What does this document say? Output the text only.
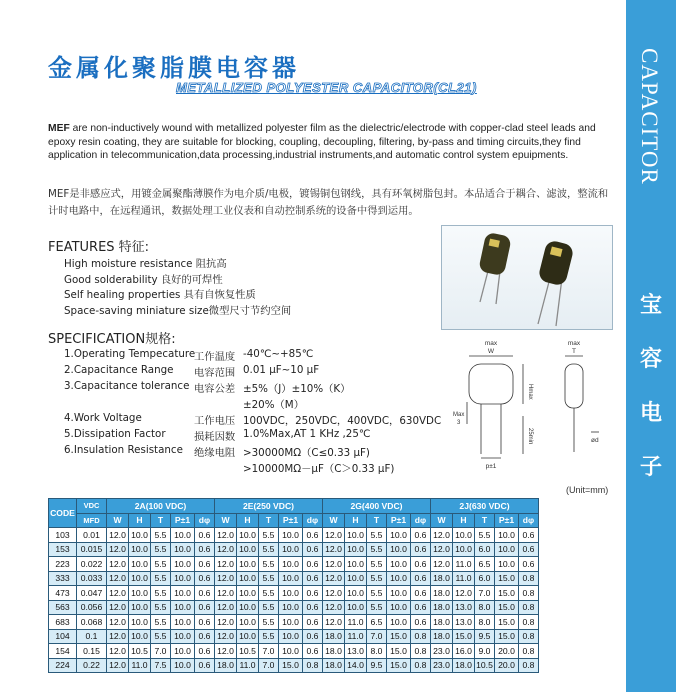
CAPACITOR
宝
容
电
子
金属化聚脂膜电容器
METALLIZED POLYESTER CAPACITOR(CL21)
MEF are non-inductively wound with metallized polyester film as the dielectric/electrode with copper-clad steel leads and epoxy resin coating, they are suitable for blocking, coupling, decoupling, filtering, by-pass and timing circuits,they find application in telecommunication,data processing,industrial instruments,and automatic control system epuipments.
MEF是非感应式，用镀金属聚酯薄膜作为电介质/电极，镀锡铜包钢线，具有环氧树脂包封。本品适合于耦合、滤波，整流和计时电路中，在远程通讯，数据处理工业仪表和自动控制系统的设备中得到运用。
FEATURES 特征:
High moisture resistance 阻抗高
Good solderability 良好的可焊性
Self healing properties 具有自恢复性质
Space-saving miniature size微型尺寸节约空间
SPECIFICATION规格:
1.Operating Tempecature
工作温度 -40℃~+85℃
2.Capacitance Range 电容范围 0.01 µF~10 µF
3.Capacitance tolerance 电容公差 ±5%（J）±10%（K）
±20%（M）
4.Work Voltage	工作电压 100VDC，250VDC，400VDC，630VDC
5.Dissipation Factor	损耗因数 1.0%Max,AT 1 KHz ,25℃
6.Insulation Resistance 绝缘电阻 >30000MΩ（C≤0.33 µF)
>10000MΩ－µF（C＞0.33 µF)
max
W
Hmax
25min
Max
3
p±1
max
T
ød
(Unit=mm)
CODE	VDC	2A(100 VDC)					2E(250 VDC)					2G(400 VDC)					2J(630 VDC)				
	MFD	W	H	T	P±1	dφ	W	H	T	P±1	dφ	W	H	T	P±1	dφ	W	H	T	P±1	dφ
103	0.01	12.0	10.0	5.5	10.0	0.6	12.0	10.0	5.5	10.0	0.6	12.0	10.0	5.5	10.0	0.6	12.0	10.0	5.5	10.0	0.6
153	0.015	12.0	10.0	5.5	10.0	0.6	12.0	10.0	5.5	10.0	0.6	12.0	10.0	5.5	10.0	0.6	12.0	10.0	6.0	10.0	0.6
223	0.022	12.0	10.0	5.5	10.0	0.6	12.0	10.0	5.5	10.0	0.6	12.0	10.0	5.5	10.0	0.6	12.0	11.0	6.5	10.0	0.6
333	0.033	12.0	10.0	5.5	10.0	0.6	12.0	10.0	5.5	10.0	0.6	12.0	10.0	5.5	10.0	0.6	18.0	11.0	6.0	15.0	0.8
473	0.047	12.0	10.0	5.5	10.0	0.6	12.0	10.0	5.5	10.0	0.6	12.0	10.0	5.5	10.0	0.6	18.0	12.0	7.0	15.0	0.8
563	0.056	12.0	10.0	5.5	10.0	0.6	12.0	10.0	5.5	10.0	0.6	12.0	10.0	5.5	10.0	0.6	18.0	13.0	8.0	15.0	0.8
683	0.068	12.0	10.0	5.5	10.0	0.6	12.0	10.0	5.5	10.0	0.6	12.0	11.0	6.5	10.0	0.6	18.0	13.0	8.0	15.0	0.8
104	0.1	12.0	10.0	5.5	10.0	0.6	12.0	10.0	5.5	10.0	0.6	18.0	11.0	7.0	15.0	0.8	18.0	15.0	9.5	15.0	0.8
154	0.15	12.0	10.5	7.0	10.0	0.6	12.0	10.5	7.0	10.0	0.6	18.0	13.0	8.0	15.0	0.8	23.0	16.0	9.0	20.0	0.8
224	0.22	12.0	11.0	7.5	10.0	0.6	18.0	11.0	7.0	15.0	0.8	18.0	14.0	9.5	15.0	0.8	23.0	18.0	10.5	20.0	0.8
